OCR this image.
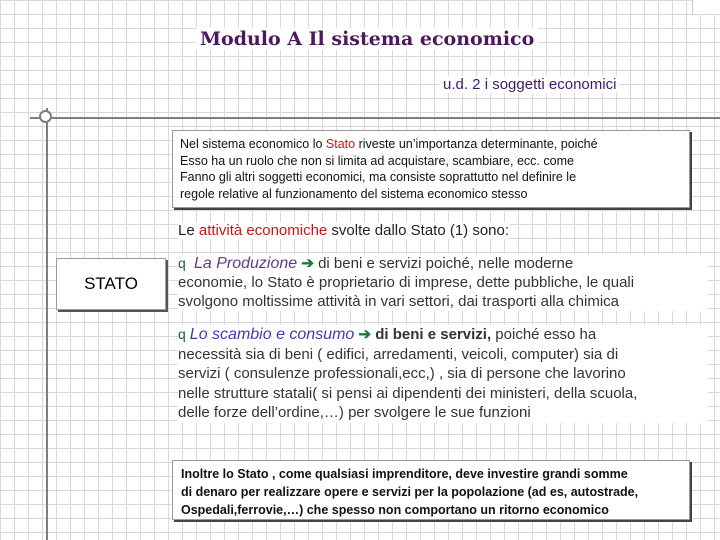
Modulo A Il sistema economico
u.d. 2 i soggetti economici
Nel sistema economico lo Stato riveste un’importanza determinante, poiché
Esso ha un ruolo che non si limita ad acquistare, scambiare, ecc. come
Fanno gli altri soggetti economici, ma consiste soprattutto nel definire le
regole relative al funzionamento del sistema economico stesso
Le attività economiche svolte dallo Stato (1) sono:
STATO
q La Produzione ➔ di beni e servizi poiché, nelle moderne
economie, lo Stato è proprietario di imprese, dette pubbliche, le quali
svolgono moltissime attività in vari settori, dai trasporti alla chimica
q Lo scambio e consumo ➔ di beni e servizi, poiché esso ha
necessità sia di beni ( edifici, arredamenti, veicoli, computer) sia di
servizi ( consulenze professionali,ecc,) , sia di persone che lavorino
nelle strutture statali( si pensi ai dipendenti dei ministeri, della scuola,
delle forze dell’ordine,…) per svolgere le sue funzioni
Inoltre lo Stato , come qualsiasi imprenditore, deve investire grandi somme
di denaro per realizzare opere e servizi per la popolazione (ad es, autostrade,
Ospedali,ferrovie,…) che spesso non comportano un ritorno economico
